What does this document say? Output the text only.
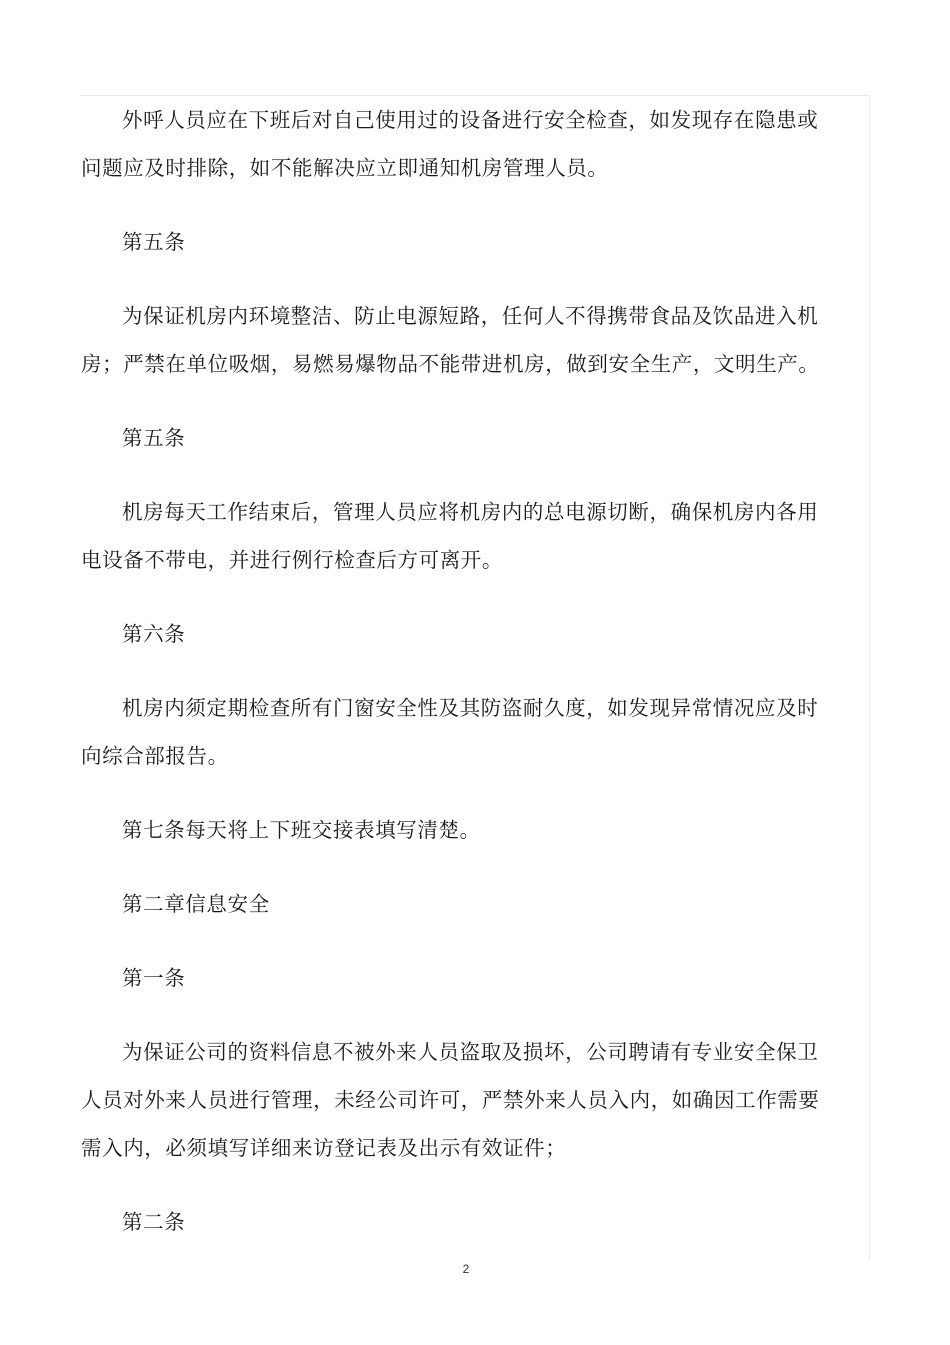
外呼人员应在下班后对自己使用过的设备进行安全检查，如发现存在隐患或问题应及时排除，如不能解决应立即通知机房管理人员。

第五条

为保证机房内环境整洁、防止电源短路，任何人不得携带食品及饮品进入机房；严禁在单位吸烟，易燃易爆物品不能带进机房，做到安全生产，文明生产。

第五条

机房每天工作结束后，管理人员应将机房内的总电源切断，确保机房内各用电设备不带电，并进行例行检查后方可离开。

第六条

机房内须定期检查所有门窗安全性及其防盗耐久度，如发现异常情况应及时向综合部报告。

第七条每天将上下班交接表填写清楚。

第二章信息安全

第一条

为保证公司的资料信息不被外来人员盗取及损坏，公司聘请有专业安全保卫人员对外来人员进行管理，未经公司许可，严禁外来人员入内，如确因工作需要需入内，必须填写详细来访登记表及出示有效证件；

第二条

2
